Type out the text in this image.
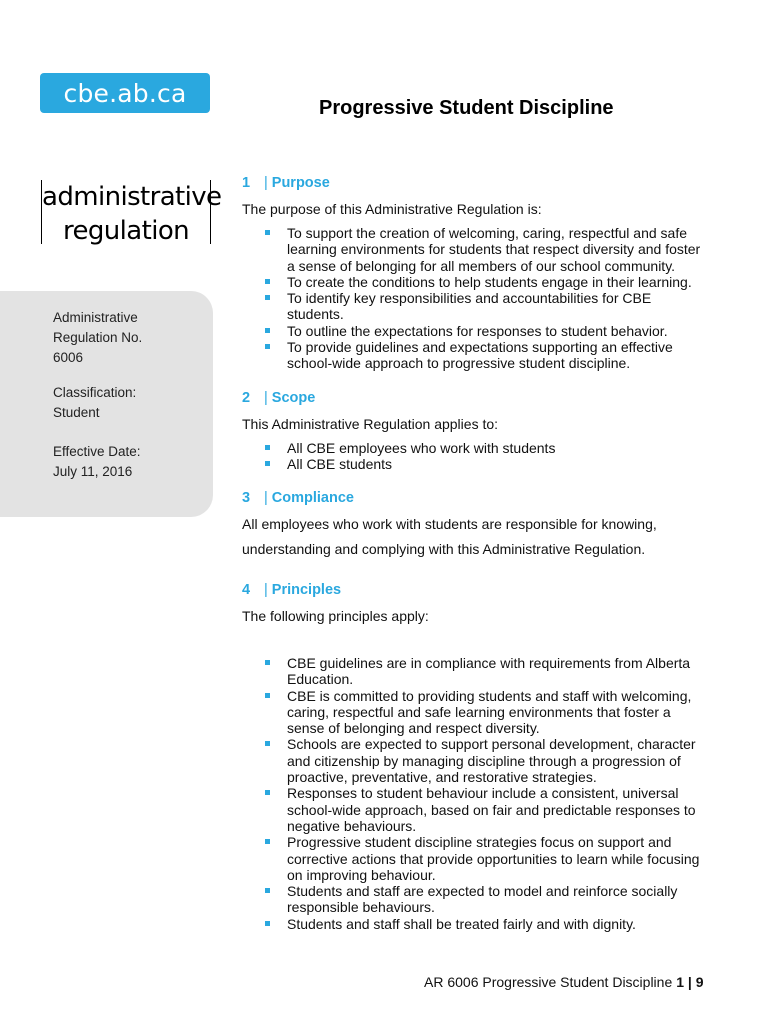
cbe.ab.ca
Progressive Student Discipline
administrative
regulation
Administrative
Regulation No.
6006
Classification:
Student
Effective Date:
July 11, 2016
1 | Purpose
The purpose of this Administrative Regulation is:
To support the creation of welcoming, caring, respectful and safe learning environments for students that respect diversity and foster a sense of belonging for all members of our school community.
To create the conditions to help students engage in their learning.
To identify key responsibilities and accountabilities for CBE students.
To outline the expectations for responses to student behavior.
To provide guidelines and expectations supporting an effective school-wide approach to progressive student discipline.
2 | Scope
This Administrative Regulation applies to:
All CBE employees who work with students
All CBE students
3 | Compliance
All employees who work with students are responsible for knowing,
understanding and complying with this Administrative Regulation.
4 | Principles
The following principles apply:
CBE guidelines are in compliance with requirements from Alberta Education.
CBE is committed to providing students and staff with welcoming, caring, respectful and safe learning environments that foster a sense of belonging and respect diversity.
Schools are expected to support personal development, character and citizenship by managing discipline through a progression of proactive, preventative, and restorative strategies.
Responses to student behaviour include a consistent, universal school-wide approach, based on fair and predictable responses to negative behaviours.
Progressive student discipline strategies focus on support and corrective actions that provide opportunities to learn while focusing on improving behaviour.
Students and staff are expected to model and reinforce socially responsible behaviours.
Students and staff shall be treated fairly and with dignity.
AR 6006 Progressive Student Discipline 1 | 9
